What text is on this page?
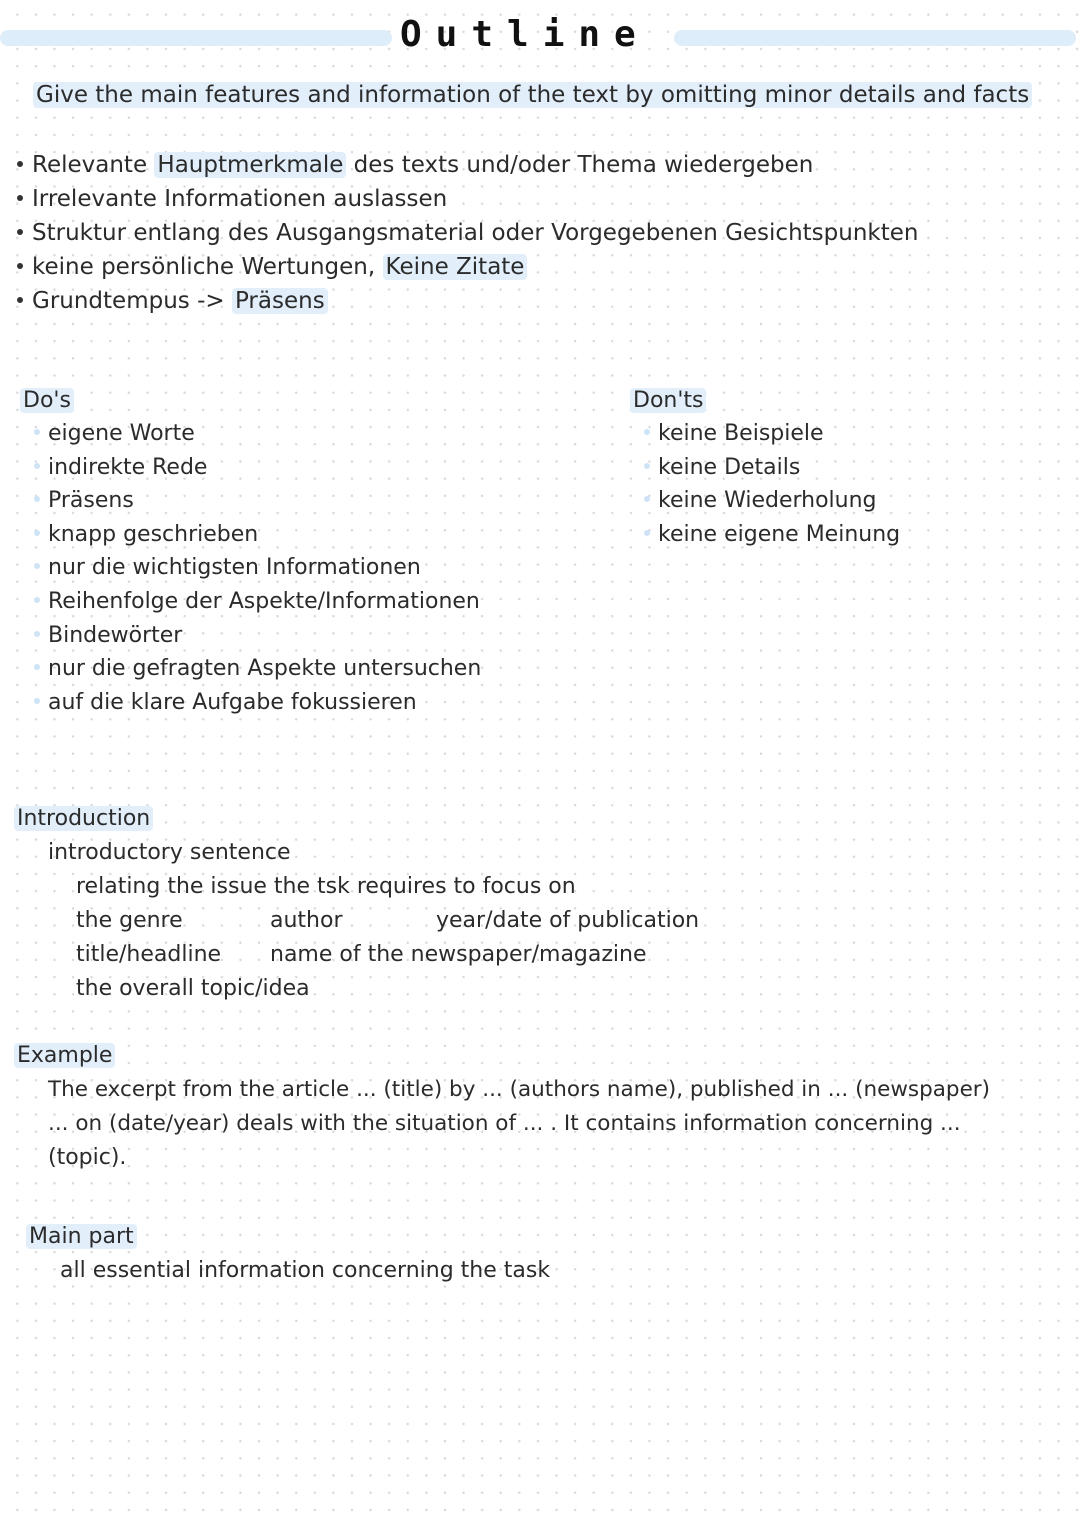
Outline
Give the main features and information of the text by omitting minor details and facts
Relevante Hauptmerkmale des texts und/oder Thema wiedergeben
Irrelevante Informationen auslassen
Struktur entlang des Ausgangsmaterial oder Vorgegebenen Gesichtspunkten
keine persönliche Wertungen, Keine Zitate
Grundtempus -> Präsens
Do's
eigene Worte
indirekte Rede
Präsens
knapp geschrieben
nur die wichtigsten Informationen
Reihenfolge der Aspekte/Informationen
Bindewörter
nur die gefragten Aspekte untersuchen
auf die klare Aufgabe fokussieren
Don'ts
keine Beispiele
keine Details
keine Wiederholung
keine eigene Meinung
Introduction
introductory sentence
relating the issue the tsk requires to focus on
the genre	author	year/date of publication
title/headline name of the newspaper/magazine
the overall topic/idea
Example
The excerpt from the article ... (title) by ... (authors name), published in ... (newspaper)
... on (date/year) deals with the situation of ... . It contains information concerning ...
(topic).
Main part
all essential information concerning the task
